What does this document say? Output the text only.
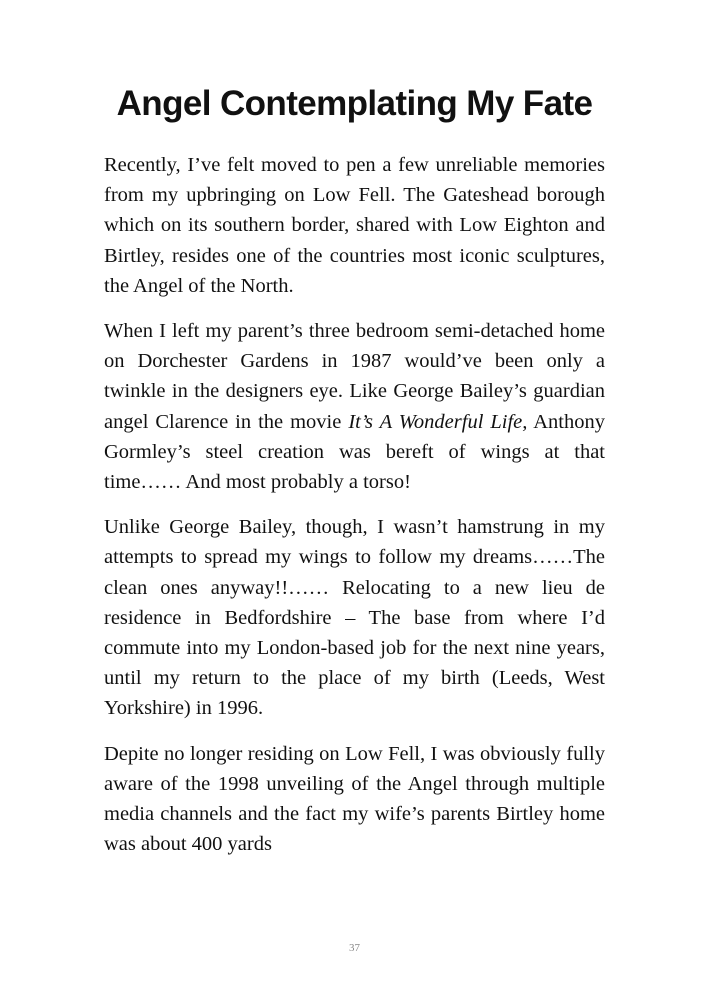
Angel Contemplating My Fate

Recently, I’ve felt moved to pen a few unreliable memories from my upbringing on Low Fell. The Gateshead borough which on its southern border, shared with Low Eighton and Birtley, resides one of the countries most iconic sculptures, the Angel of the North.

When I left my parent’s three bedroom semi-detached home on Dorchester Gardens in 1987 would’ve been only a twinkle in the designers eye. Like George Bailey’s guardian angel Clarence in the movie It’s A Wonderful Life, Anthony Gormley’s steel creation was bereft of wings at that time…… And most probably a torso!

Unlike George Bailey, though, I wasn’t hamstrung in my attempts to spread my wings to follow my dreams……The clean ones anyway!!…… Relocating to a new lieu de residence in Bedfordshire – The base from where I’d commute into my London-based job for the next nine years, until my return to the place of my birth (Leeds, West Yorkshire) in 1996.

Depite no longer residing on Low Fell, I was obviously fully aware of the 1998 unveiling of the Angel through multiple media channels and the fact my wife’s parents Birtley home was about 400 yards

37
